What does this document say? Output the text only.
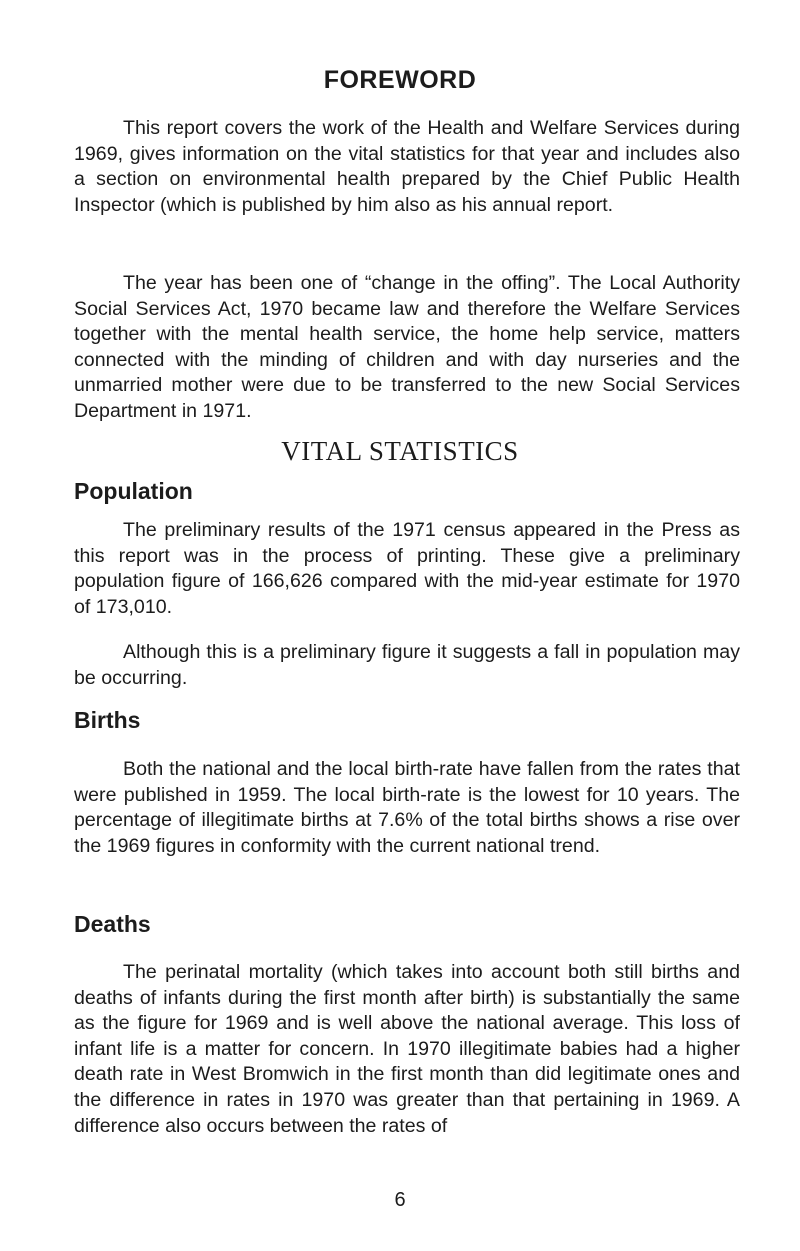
FOREWORD

This report covers the work of the Health and Welfare Services during 1969, gives information on the vital statistics for that year and includes also a section on environmental health prepared by the Chief Public Health Inspector (which is published by him also as his annual report.

The year has been one of “change in the offing”. The Local Authority Social Services Act, 1970 became law and therefore the Welfare Services together with the mental health service, the home help service, matters connected with the minding of children and with day nurseries and the unmarried mother were due to be transferred to the new Social Services Department in 1971.

VITAL STATISTICS
Population

The preliminary results of the 1971 census appeared in the Press as this report was in the process of printing. These give a preliminary population figure of 166,626 compared with the mid-year estimate for 1970 of 173,010.

Although this is a preliminary figure it suggests a fall in population may be occurring.

Births

Both the national and the local birth-rate have fallen from the rates that were published in 1959. The local birth-rate is the lowest for 10 years. The percentage of illegitimate births at 7.6% of the total births shows a rise over the 1969 figures in conformity with the current national trend.

Deaths

The perinatal mortality (which takes into account both still births and deaths of infants during the first month after birth) is substantially the same as the figure for 1969 and is well above the national average. This loss of infant life is a matter for concern. In 1970 illegitimate babies had a higher death rate in West Bromwich in the first month than did legitimate ones and the difference in rates in 1970 was greater than that pertaining in 1969. A difference also occurs between the rates of

6
